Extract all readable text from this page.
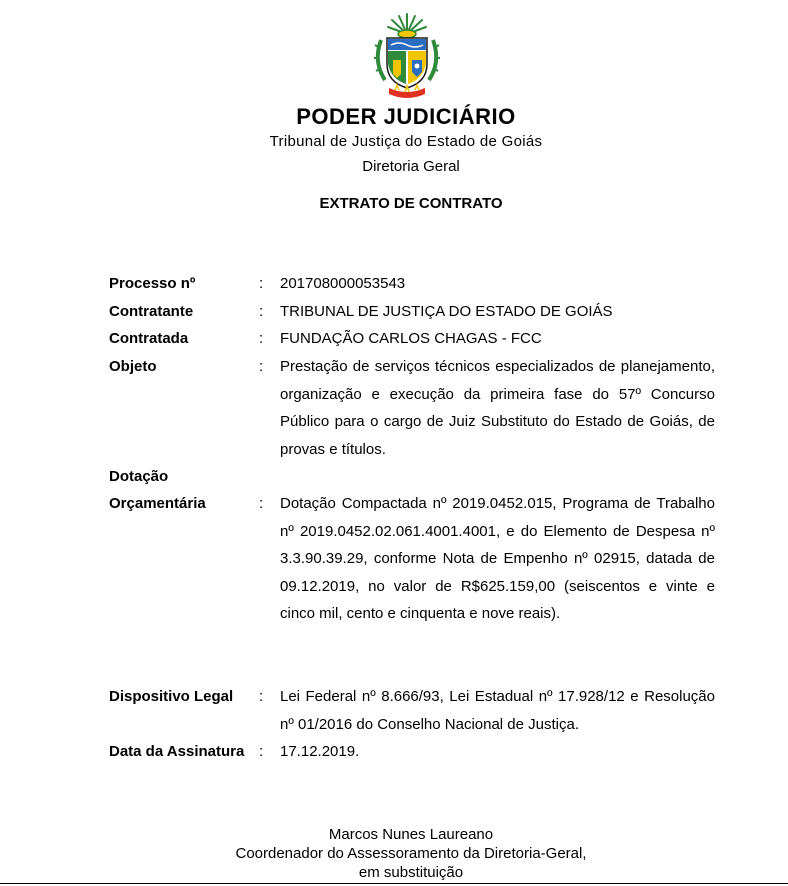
PODER JUDICIÁRIO
Tribunal de Justiça do Estado de Goiás
Diretoria Geral
EXTRATO DE CONTRATO
Processo nº	: 201708000053543
Contratante	: TRIBUNAL DE JUSTIÇA DO ESTADO DE GOIÁS
Contratada	: FUNDAÇÃO CARLOS CHAGAS - FCC
Objeto	: Prestação de serviços técnicos especializados de planejamento, organização e execução da primeira fase do 57º Concurso Público para o cargo de Juiz Substituto do Estado de Goiás, de provas e títulos.
Dotação
Orçamentária	: Dotação Compactada nº 2019.0452.015, Programa de Trabalho nº 2019.0452.02.061.4001.4001, e do Elemento de Despesa nº 3.3.90.39.29, conforme Nota de Empenho nº 02915, datada de 09.12.2019, no valor de R$625.159,00 (seiscentos e vinte e cinco mil, cento e cinquenta e nove reais).
Dispositivo Legal : Lei Federal nº 8.666/93, Lei Estadual nº 17.928/12 e Resolução nº 01/2016 do Conselho Nacional de Justiça.
Data da Assinatura : 17.12.2019.
Marcos Nunes Laureano
Coordenador do Assessoramento da Diretoria-Geral,
em substituição
